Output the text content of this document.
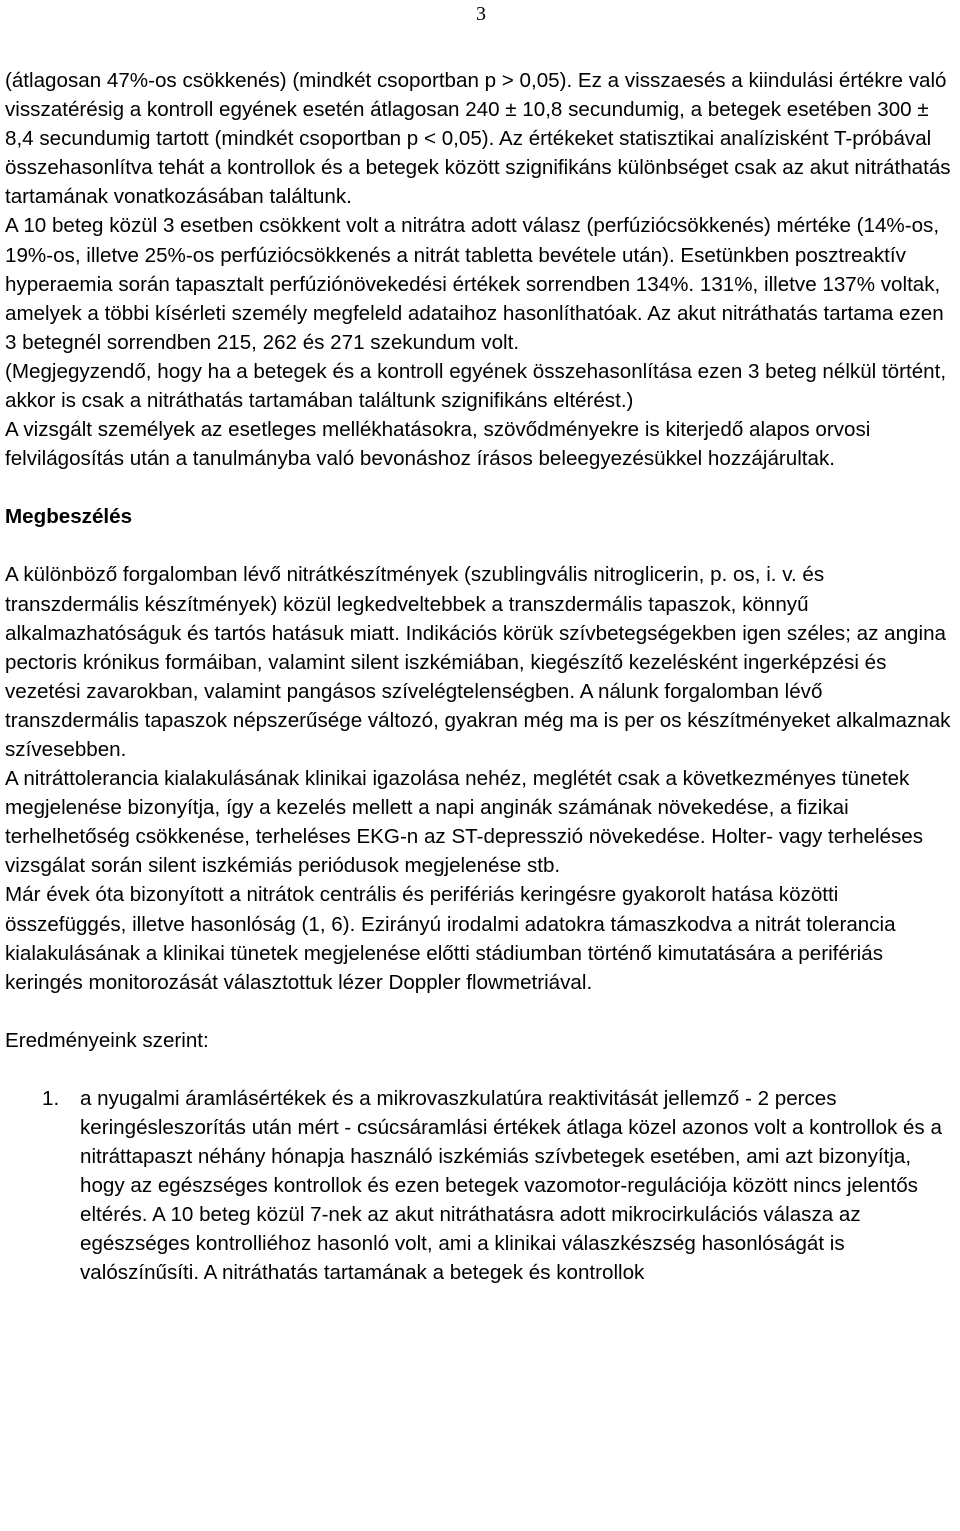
3

(átlagosan 47%-os csökkenés) (mindkét csoportban p > 0,05). Ez a visszaesés a kiindulási értékre való visszatérésig a kontroll egyének esetén átlagosan 240 ± 10,8 secundumig, a betegek esetében 300 ± 8,4 secundumig tartott (mindkét csoportban p < 0,05). Az értékeket statisztikai analízisként T-próbával összehasonlítva tehát a kontrollok és a betegek között szignifikáns különbséget csak az akut nitráthatás tartamának vonatkozásában találtunk.

A 10 beteg közül 3 esetben csökkent volt a nitrátra adott válasz (perfúziócsökkenés) mértéke (14%-os, 19%-os, illetve 25%-os perfúziócsökkenés a nitrát tabletta bevétele után). Esetünkben posztreaktív hyperaemia során tapasztalt perfúziónövekedési értékek sorrendben 134%. 131%, illetve 137% voltak, amelyek a többi kísérleti személy megfeleld adataihoz hasonlíthatóak. Az akut nitráthatás tartama ezen 3 betegnél sorrendben 215, 262 és 271 szekundum volt.

(Megjegyzendő, hogy ha a betegek és a kontroll egyének összehasonlítása ezen 3 beteg nélkül történt, akkor is csak a nitráthatás tartamában találtunk szignifikáns eltérést.)

A vizsgált személyek az esetleges mellékhatásokra, szövődményekre is kiterjedő alapos orvosi felvilágosítás után a tanulmányba való bevonáshoz írásos beleegyezésükkel hozzájárultak.

Megbeszélés

A különböző forgalomban lévő nitrátkészítmények (szublingvális nitroglicerin, p. os, i. v. és transzdermális készítmények) közül legkedveltebbek a transzdermális tapaszok, könnyű alkalmazhatóságuk és tartós hatásuk miatt. Indikációs körük szívbetegségekben igen széles; az angina pectoris krónikus formáiban, valamint silent iszkémiában, kiegészítő kezelésként ingerképzési és vezetési zavarokban, valamint pangásos szívelégtelenségben. A nálunk forgalomban lévő transzdermális tapaszok népszerűsége változó, gyakran még ma is per os készítményeket alkalmaznak szívesebben.

A nitráttolerancia kialakulásának klinikai igazolása nehéz, meglétét csak a következményes tünetek megjelenése bizonyítja, így a kezelés mellett a napi anginák számának növekedése, a fizikai terhelhetőség csökkenése, terheléses EKG-n az ST-depresszió növekedése. Holter- vagy terheléses vizsgálat során silent iszkémiás periódusok megjelenése stb.

Már évek óta bizonyított a nitrátok centrális és perifériás keringésre gyakorolt hatása közötti összefüggés, illetve hasonlóság (1, 6). Ezirányú irodalmi adatokra támaszkodva a nitrát tolerancia kialakulásának a klinikai tünetek megjelenése előtti stádiumban történő kimutatására a perifériás keringés monitorozását választottuk lézer Doppler flowmetriával.

Eredményeink szerint:

1. a nyugalmi áramlásértékek és a mikrovaszkulatúra reaktivitását jellemző - 2 perces keringésleszorítás után mért - csúcsáramlási értékek átlaga közel azonos volt a kontrollok és a nitráttapaszt néhány hónapja használó iszkémiás szívbetegek esetében, ami azt bizonyítja, hogy az egészséges kontrollok és ezen betegek vazomotor-regulációja között nincs jelentős eltérés. A 10 beteg közül 7-nek az akut nitráthatásra adott mikrocirkulációs válasza az egészséges kontrolliéhoz hasonló volt, ami a klinikai válaszkészség hasonlóságát is valószínűsíti. A nitráthatás tartamának a betegek és kontrollok
